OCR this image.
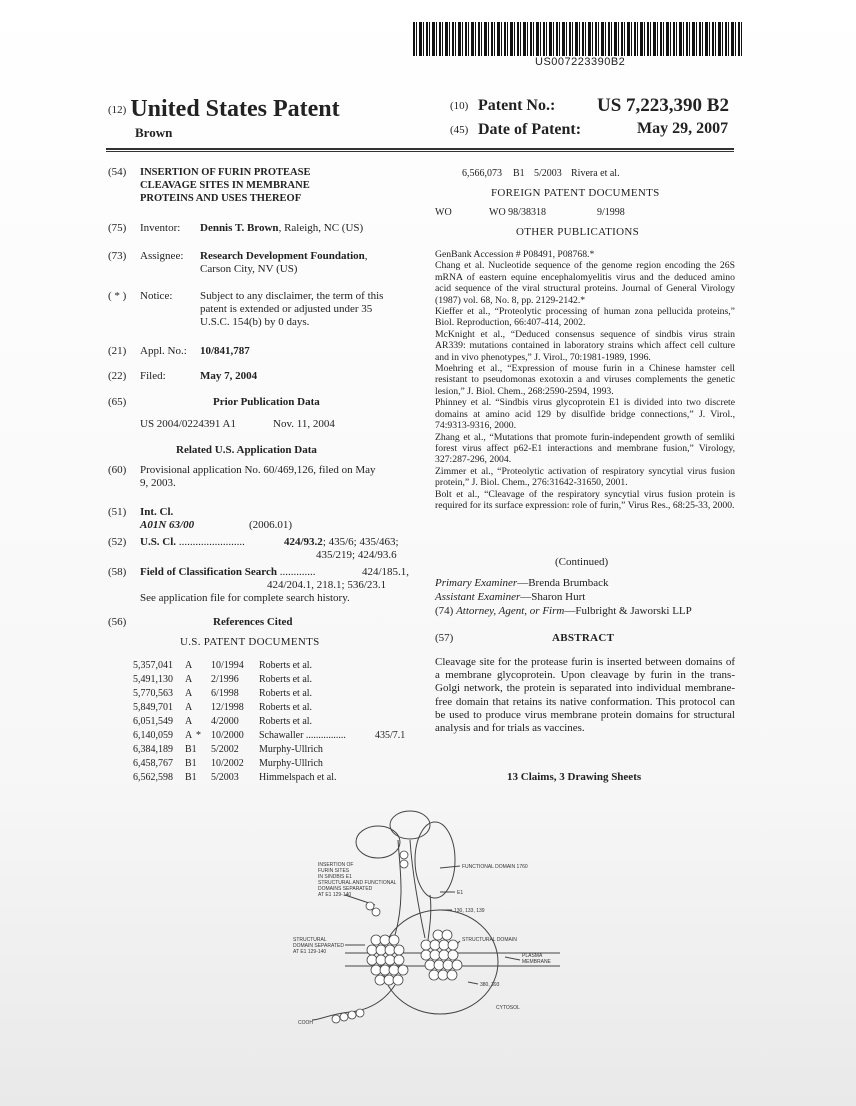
US007223390B2
(12) United States Patent
Brown
(10) Patent No.: US 7,223,390 B2
(45) Date of Patent:	May 29, 2007
(54) INSERTION OF FURIN PROTEASE
CLEAVAGE SITES IN MEMBRANE
PROTEINS AND USES THEREOF
(75) Inventor: Dennis T. Brown, Raleigh, NC (US)
(73) Assignee: Research Development Foundation,
Carson City, NV (US)
( * ) Notice:	Subject to any disclaimer, the term of this
patent is extended or adjusted under 35
U.S.C. 154(b) by 0 days.
(21) Appl. No.: 10/841,787
(22) Filed:	May 7, 2004
(65)	Prior Publication Data
US 2004/0224391 A1	Nov. 11, 2004
Related U.S. Application Data
(60) Provisional application No. 60/469,126, filed on May
9, 2003.
(51) Int. Cl.
A01N 63/00	(2006.01)
(52) U.S. Cl. ........................	424/93.2; 435/6; 435/463;
435/219; 424/93.6
(58) Field of Classification Search .............	424/185.1,
424/204.1, 218.1; 536/23.1
See application file for complete search history.
(56)	References Cited
U.S. PATENT DOCUMENTS
5,357,041 A 10/1994 Roberts et al.
5,491,130 A 2/1996 Roberts et al.
5,770,563 A 6/1998 Roberts et al.
5,849,701 A 12/1998 Roberts et al.
6,051,549 A 4/2000 Roberts et al.
6,140,059 A * 10/2000 Schawaller ................	435/7.1
6,384,189 B1 5/2002 Murphy-Ullrich
6,458,767 B1 10/2002 Murphy-Ullrich
6,562,598 B1 5/2003 Himmelspach et al.
6,566,073 B1 5/2003 Rivera et al.
FOREIGN PATENT DOCUMENTS
WO	WO 98/38318	9/1998
OTHER PUBLICATIONS

GenBank Accession # P08491, P08768.*

Chang et al. Nucleotide sequence of the genome region encoding the 26S mRNA of eastern equine encephalomyelitis virus and the deduced amino acid sequence of the viral structural proteins. Journal of General Virology (1987) vol. 68, No. 8, pp. 2129-2142.*

Kieffer et al., “Proteolytic processing of human zona pellucida proteins,” Biol. Reproduction, 66:407-414, 2002.

McKnight et al., “Deduced consensus sequence of sindbis virus strain AR339: mutations contained in laboratory strains which affect cell culture and in vivo phenotypes,” J. Virol., 70:1981-1989, 1996.

Moehring et al., “Expression of mouse furin in a Chinese hamster cell resistant to pseudomonas exotoxin a and viruses complements the genetic lesion,” J. Biol. Chem., 268:2590-2594, 1993.

Phinney et al. “Sindbis virus glycoprotein E1 is divided into two discrete domains at amino acid 129 by disulfide bridge connections,” J. Virol., 74:9313-9316, 2000.

Zhang et al., “Mutations that promote furin-independent growth of semliki forest virus affect p62-E1 interactions and membrane fusion,” Virology, 327:287-296, 2004.

Zimmer et al., “Proteolytic activation of respiratory syncytial virus fusion protein,” J. Biol. Chem., 276:31642-31650, 2001.

Bolt et al., “Cleavage of the respiratory syncytial virus fusion protein is required for its surface expression: role of furin,” Virus Res., 68:25-33, 2000.

(Continued)
Primary Examiner—Brenda Brumback
Assistant Examiner—Sharon Hurt
(74) Attorney, Agent, or Firm—Fulbright & Jaworski LLP
(57)	ABSTRACT
Cleavage site for the protease furin is inserted between domains of a membrane glycoprotein. Upon cleavage by furin in the trans-Golgi network, the protein is separated into individual membrane-free domain that retains its native conformation. This protocol can be used to produce virus membrane protein domains for structural analysis and for trials as vaccines.
13 Claims, 3 Drawing Sheets
INSERTION OF
FURIN SITES
IN SINDBIS E1
STRUCTURAL AND FUNCTIONAL
DOMAINS SEPARATED
AT E1 129-140
FUNCTIONAL DOMAIN 1760
E1
130, 133, 139
STRUCTURAL
DOMAIN SEPARATED
AT E1 129-140
STRUCTURAL DOMAIN
PLASMA
MEMBRANE
380, 393
CYTOSOL
COOH
